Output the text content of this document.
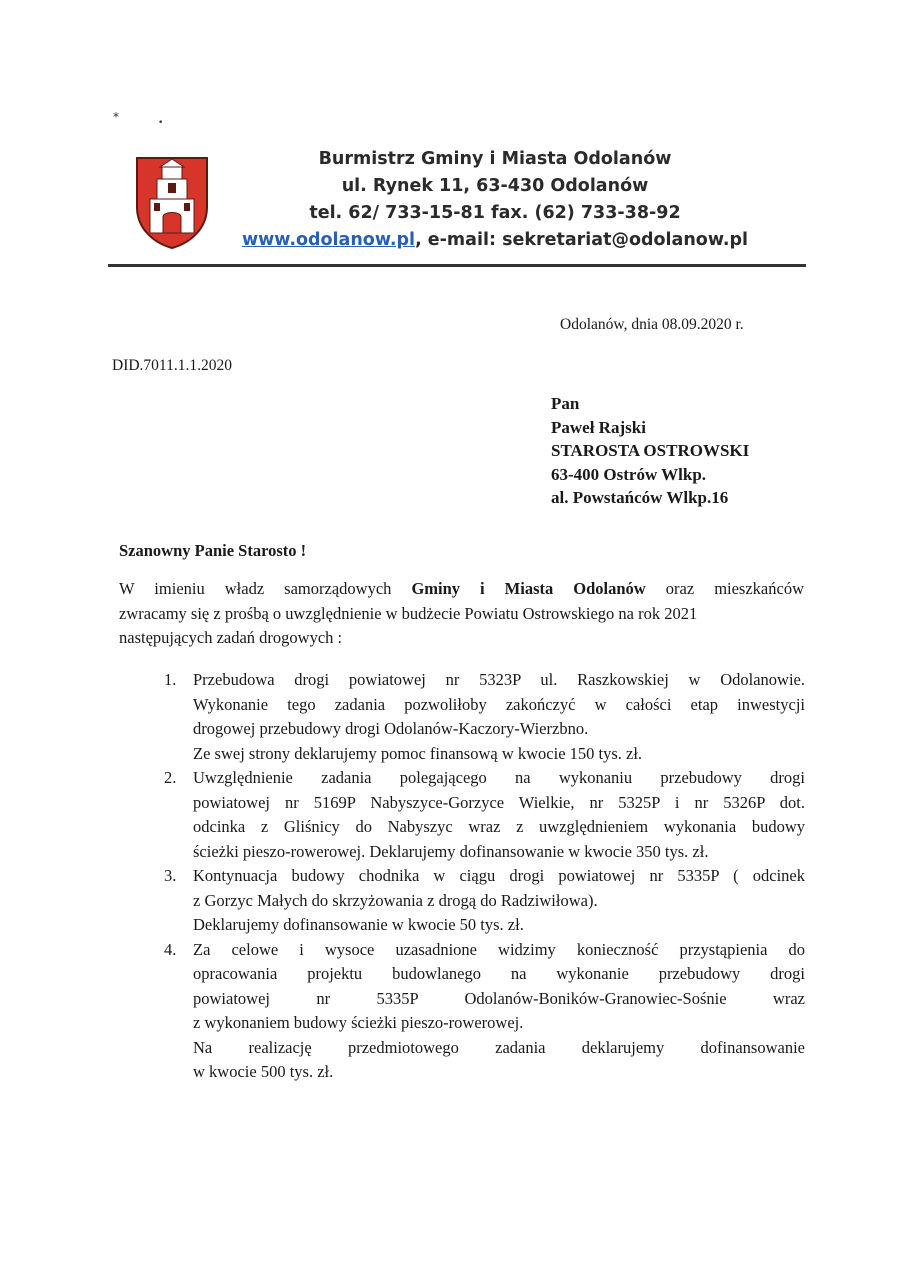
*	•
Burmistrz Gminy i Miasta Odolanów
ul. Rynek 11, 63-430 Odolanów
tel. 62/ 733-15-81 fax. (62) 733-38-92
www.odolanow.pl, e-mail: sekretariat@odolanow.pl
Odolanów, dnia 08.09.2020 r.
DID.7011.1.1.2020
Pan
Paweł Rajski
STAROSTA OSTROWSKI
63-400 Ostrów Wlkp.
al. Powstańców Wlkp.16
Szanowny Panie Starosto !
W imieniu władz samorządowych Gminy i Miasta Odolanów oraz mieszkańców
zwracamy się z prośbą o uwzględnienie w budżecie Powiatu Ostrowskiego na rok 2021
następujących zadań drogowych :
1. Przebudowa drogi powiatowej nr 5323P ul. Raszkowskiej w Odolanowie.
Wykonanie tego zadania pozwoliłoby zakończyć w całości etap inwestycji
drogowej przebudowy drogi Odolanów-Kaczory-Wierzbno.
Ze swej strony deklarujemy pomoc finansową w kwocie 150 tys. zł.
2. Uwzględnienie zadania polegającego na wykonaniu przebudowy drogi
powiatowej nr 5169P Nabyszyce-Gorzyce Wielkie, nr 5325P i nr 5326P dot.
odcinka z Gliśnicy do Nabyszyc wraz z uwzględnieniem wykonania budowy
ścieżki pieszo-rowerowej. Deklarujemy dofinansowanie w kwocie 350 tys. zł.
3. Kontynuacja budowy chodnika w ciągu drogi powiatowej nr 5335P ( odcinek
z Gorzyc Małych do skrzyżowania z drogą do Radziwiłowa).
Deklarujemy dofinansowanie w kwocie 50 tys. zł.
4. Za celowe i wysoce uzasadnione widzimy konieczność przystąpienia do
opracowania projektu budowlanego na wykonanie przebudowy drogi
powiatowej nr 5335P Odolanów-Boników-Granowiec-Sośnie wraz
z wykonaniem budowy ścieżki pieszo-rowerowej.
Na realizację przedmiotowego zadania deklarujemy dofinansowanie
w kwocie 500 tys. zł.
